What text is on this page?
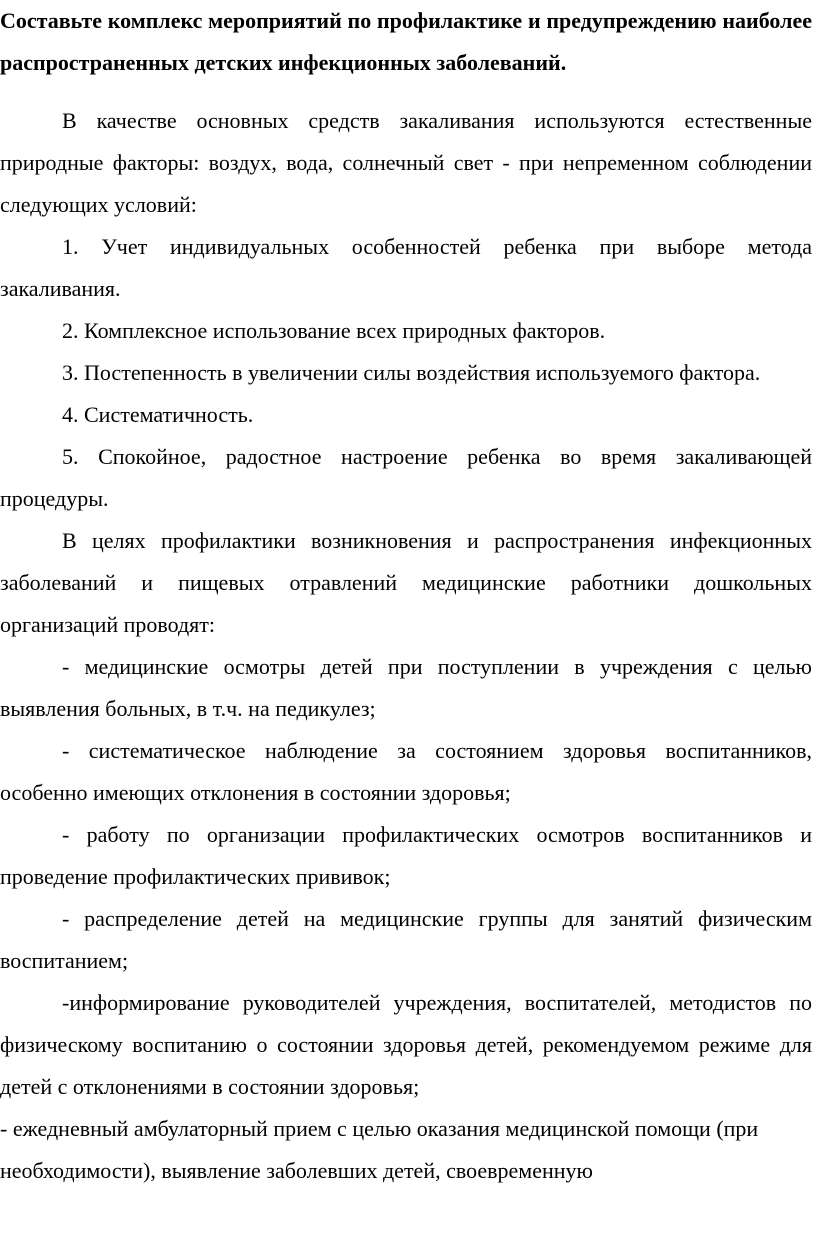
Составьте комплекс мероприятий по профилактике и предупреждению наиболее распространенных детских инфекционных заболеваний.

В качестве основных средств закаливания используются естественные природные факторы: воздух, вода, солнечный свет - при непременном соблюдении следующих условий:

1. Учет индивидуальных особенностей ребенка при выборе метода закаливания.

2. Комплексное использование всех природных факторов.

3. Постепенность в увеличении силы воздействия используемого фактора.

4. Систематичность.

5. Спокойное, радостное настроение ребенка во время закаливающей процедуры.

В целях профилактики возникновения и распространения инфекционных заболеваний и пищевых отравлений медицинские работники дошкольных организаций проводят:

- медицинские осмотры детей при поступлении в учреждения с целью выявления больных, в т.ч. на педикулез;

- систематическое наблюдение за состоянием здоровья воспитанников, особенно имеющих отклонения в состоянии здоровья;

- работу по организации профилактических осмотров воспитанников и проведение профилактических прививок;

- распределение детей на медицинские группы для занятий физическим воспитанием;

-информирование руководителей учреждения, воспитателей, методистов по физическому воспитанию о состоянии здоровья детей, рекомендуемом режиме для детей с отклонениями в состоянии здоровья;

- ежедневный амбулаторный прием с целью оказания медицинской помощи (при необходимости), выявление заболевших детей, своевременную
